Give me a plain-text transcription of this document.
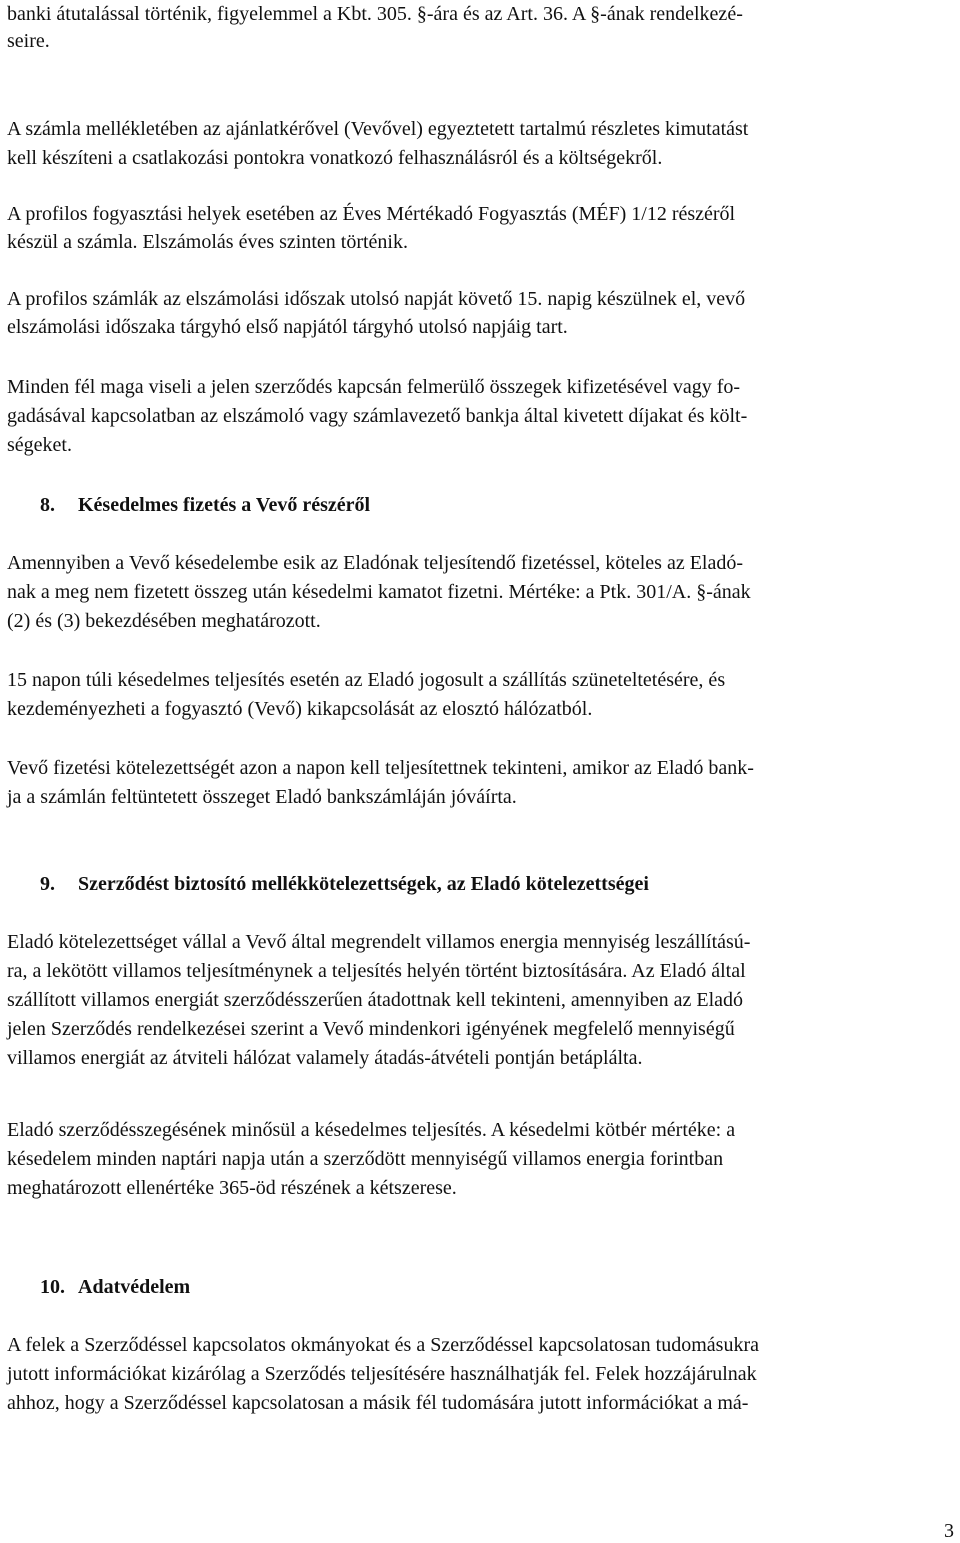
banki átutalással történik, figyelemmel a Kbt. 305. §-ára és az Art. 36. A §-ának rendelkezé-

seire.

A számla mellékletében az ajánlatkérővel (Vevővel) egyeztetett tartalmú részletes kimutatást

kell készíteni a csatlakozási pontokra vonatkozó felhasználásról és a költségekről.

A profilos fogyasztási helyek esetében az Éves Mértékadó Fogyasztás (MÉF) 1/12 részéről

készül a számla. Elszámolás éves szinten történik.

A profilos számlák az elszámolási időszak utolsó napját követő 15. napig készülnek el, vevő

elszámolási időszaka tárgyhó első napjától tárgyhó utolsó napjáig tart.

Minden fél maga viseli a jelen szerződés kapcsán felmerülő összegek kifizetésével vagy fo-

gadásával kapcsolatban az elszámoló vagy számlavezető bankja által kivetett díjakat és költ-

ségeket.

8. Késedelmes fizetés a Vevő részéről

Amennyiben a Vevő késedelembe esik az Eladónak teljesítendő fizetéssel, köteles az Eladó-

nak a meg nem fizetett összeg után késedelmi kamatot fizetni. Mértéke: a Ptk. 301/A. §-ának

(2) és (3) bekezdésében meghatározott.

15 napon túli késedelmes teljesítés esetén az Eladó jogosult a szállítás szüneteltetésére, és

kezdeményezheti a fogyasztó (Vevő) kikapcsolását az elosztó hálózatból.

Vevő fizetési kötelezettségét azon a napon kell teljesítettnek tekinteni, amikor az Eladó bank-

ja a számlán feltüntetett összeget Eladó bankszámláján jóváírta.

9. Szerződést biztosító mellékkötelezettségek, az Eladó kötelezettségei

Eladó kötelezettséget vállal a Vevő által megrendelt villamos energia mennyiség leszállítású-

ra, a lekötött villamos teljesítménynek a teljesítés helyén történt biztosítására. Az Eladó által

szállított villamos energiát szerződésszerűen átadottnak kell tekinteni, amennyiben az Eladó

jelen Szerződés rendelkezései szerint a Vevő mindenkori igényének megfelelő mennyiségű

villamos energiát az átviteli hálózat valamely átadás-átvételi pontján betáplálta.

Eladó szerződésszegésének minősül a késedelmes teljesítés. A késedelmi kötbér mértéke: a

késedelem minden naptári napja után a szerződött mennyiségű villamos energia forintban

meghatározott ellenértéke 365-öd részének a kétszerese.

10. Adatvédelem

A felek a Szerződéssel kapcsolatos okmányokat és a Szerződéssel kapcsolatosan tudomásukra

jutott információkat kizárólag a Szerződés teljesítésére használhatják fel. Felek hozzájárulnak

ahhoz, hogy a Szerződéssel kapcsolatosan a másik fél tudomására jutott információkat a má-

3
